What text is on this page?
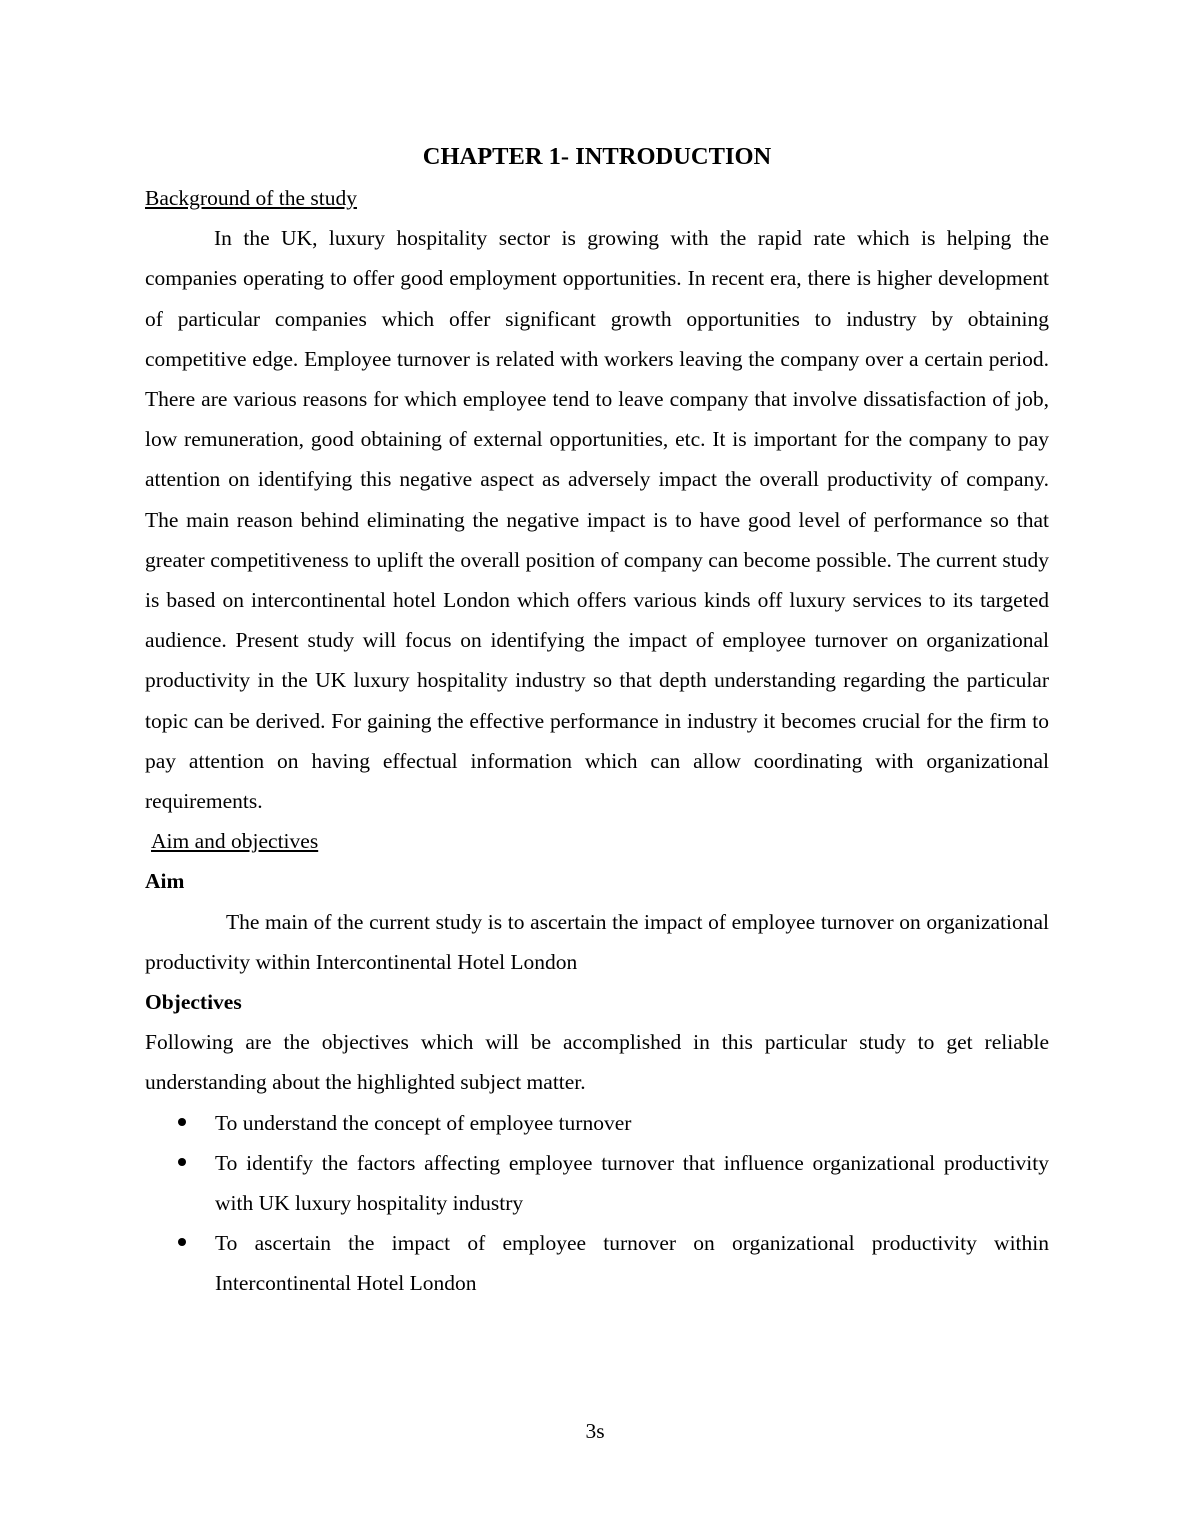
CHAPTER 1- INTRODUCTION

Background of the study

In the UK, luxury hospitality sector is growing with the rapid rate which is helping the companies operating to offer good employment opportunities. In recent era, there is higher development of particular companies which offer significant growth opportunities to industry by obtaining competitive edge. Employee turnover is related with workers leaving the company over a certain period. There are various reasons for which employee tend to leave company that involve dissatisfaction of job, low remuneration, good obtaining of external opportunities, etc. It is important for the company to pay attention on identifying this negative aspect as adversely impact the overall productivity of company. The main reason behind eliminating the negative impact is to have good level of performance so that greater competitiveness to uplift the overall position of company can become possible. The current study is based on intercontinental hotel London which offers various kinds off luxury services to its targeted audience. Present study will focus on identifying the impact of employee turnover on organizational productivity in the UK luxury hospitality industry so that depth understanding regarding the particular topic can be derived. For gaining the effective performance in industry it becomes crucial for the firm to pay attention on having effectual information which can allow coordinating with organizational requirements.

Aim and objectives

Aim

The main of the current study is to ascertain the impact of employee turnover on organizational productivity within Intercontinental Hotel London

Objectives

Following are the objectives which will be accomplished in this particular study to get reliable understanding about the highlighted subject matter.

To understand the concept of employee turnover
To identify the factors affecting employee turnover that influence organizational productivity with UK luxury hospitality industry
To ascertain the impact of employee turnover on organizational productivity within Intercontinental Hotel London
3s
